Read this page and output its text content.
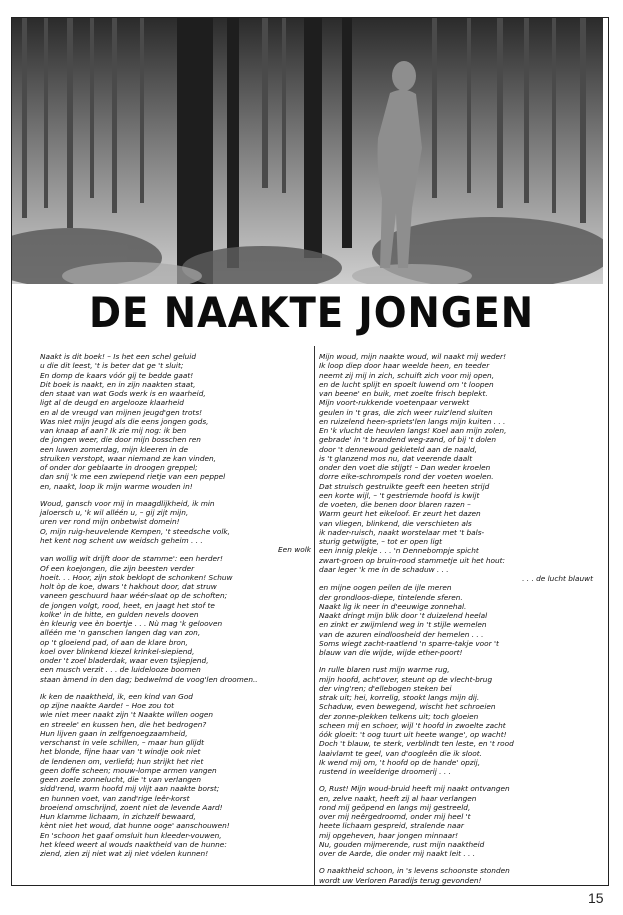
DE NAAKTE JONGEN
Naakt is dit boek! – Is het een schel geluid
u die dit leest, 't is beter dat ge 't sluit;
En domp de kaars vóór gij te bedde gaat!
Dit boek is naakt, en in zijn naakten staat,
den staat van wat Gods werk is en waarheid,
ligt al de deugd en argelooze klaarheid
en al de vreugd van mijnen jeugd'gen trots!
Was niet mijn jeugd als die eens jongen gods,
van knaap af aan? Ik zie mij nog: ik ben
de jongen weer, die door mijn bosschen ren
een luwen zomerdag, mijn kleeren in de
struiken verstopt, waar niemand ze kan vinden,
of onder dor geblaarte in droogen greppel;
dan snij 'k me een zwiepend rietje van een peppel
en, naakt, loop ik mijn warme wouden in!
Woud, gansch voor mij in maagdlijkheid, ik min
jaloersch u, 'k wil alléén u, – gij zijt mijn,
uren ver rond mijn onbetwist domein!
O, mijn ruig-heuvelende Kempen, 't steedsche volk,
het kent nog schent uw weidsch geheim . . .
Een wolk
van wollig wit drijft door de stamme': een herder!
Of een koejongen, die zijn beesten verder
hoeit. . . Hoor, zijn stok beklopt de schonken! Schuw
holt òp de koe, dwars 't hakhout door, dat struw
vaneen geschuurd haar wéér-slaat op de schoften;
de jongen volgt, rood, heet, en jaagt het stof te
kolke' in de hitte, en gulden nevels dooven
èn kleurig vee èn boertje . . . Nù mag 'k gelooven
alléén me 'n ganschen langen dag van zon,
op 't gloeiend pad, of aan de klare bron,
koel over blinkend kiezel krinkel-siepiend,
onder 't zoel bladerdak, waar even tsjiepjend,
een musch verzit . . . de luidelooze boomen
staan àmend in den dag; bedwelmd de voog'len droomen..
Ik ken de naaktheid, ik, een kind van God
op zijne naakte Aarde! – Hoe zou tot
wie niet meer naakt zijn 't Naakte willen oogen
en streele' en kussen hen, die het bedrogen?
Hun lijven gaan in zelfgenoegzaamheid,
verschanst in vele schillen, – maar hun glijdt
het blonde, fijne haar van 't windje ook niet
de lendenen om, verliefd; hun strijkt het riet
geen doffe scheen; mouw-lompe armen vangen
geen zoele zonnelucht, die 't van verlangen
sidd'rend, warm hoofd mij vlijt aan naakte borst;
en hunnen voet, van zand'rige leêr-korst
broeiend omschrijnd, zoent niet de levende Aard!
Hun klamme lichaam, in zichzelf bewaard,
kènt niet het woud, dat hunne ooge' aanschouwen!
En 'schoon het gaaf omsluit hun kleeder-vouwen,
het kleed weert al wouds naaktheid van de hunne:
ziend, zien zij niet wat zij niet vóelen kunnen!
Mijn woud, mijn naakte woud, wil naakt mij weder!
Ik loop diep door haar weelde heen, en teeder
neemt zij mij in zich, schuift zich voor mij open,
en de lucht splijt en spoelt luwend om 't loopen
van beene' en buik, met zoelte frisch beplekt.
Mijn voort-rukkende voetenpaar verwekt
geulen in 't gras, die zich weer ruiz'lend sluiten
en ruizelend heen-spriets'len langs mijn kuiten . . .
En 'k vlucht de heuvlen langs! Koel aan mijn zolen,
gebrade' in 't brandend weg-zand, of bij 't dolen
door 't dennewoud gekieteld aan de naald,
is 't glanzend mos nu, dat veerende daalt
onder den voet die stijgt! – Dan weder kroelen
dorre eike-schrompels rond der voeten woelen.
Dat struisch gestruikte geeft een heeten strijd
een korte wijl, – 't gestriemde hoofd is kwijt
de voeten, die benen door blaren razen –
Warm geurt het eikeloof. Er zeurt het dazen
van vliegen, blinkend, die verschieten als
ik nader-ruisch, naakt worstelaar met 't bals-
sturig getwijgte, – tot er open ligt
een innig plekje . . . 'n Dennebompje spicht
zwart-groen op bruin-rood stammetje uit het hout:
daar leger 'k me in de schaduw . . .
. . . de lucht blauwt
en mijne oogen peilen de ijle meren
der grondloos-diepe, tintelende sferen.
Naakt lig ik neer in d'eeuwige zonnehal.
Naakt dringt mijn blik door 't duizelend heelal
en zinkt er zwijmlend weg in 't stijle wemelen
van de azuren eindloosheid der hemelen . . .
Soms wiegt zacht-raatlend 'n sparre-takje voor 't
blauw van die wijde, wijde ether-poort!
In rulle blaren rust mijn warme rug,
mijn hoofd, acht'over, steunt op de vlecht-brug
der ving'ren; d'ellebogen steken bei
strak uit; hei, korrelig, stookt langs mijn dij.
Schaduw, even bewegend, wischt het schroeien
der zonne-plekken telkens uit; toch gloeien
scheen mij en schoer, wijl 't hoofd in zwoelte zacht
óók gloeit: 't oog tuurt uit heete wange', op wacht!
Doch 't blauw, te sterk, verblindt ten leste, en 't rood
laaivlamt te geel, van d'oogleên die ik sloot.
Ik wend mij om, 't hoofd op de hande' opzij,
rustend in weelderige droomerij . . .
O, Rust! Mijn woud-bruid heeft mij naakt ontvangen
en, zelve naakt, heeft zij al haar verlangen
rond mij geöpend en langs mij gestreeld,
over mij neêrgedroomd, onder mij heel 't
heete lichaam gespreid, stralende naar
mij opgeheven, haar jongen minnaar!
Nu, gouden mijmerende, rust mijn naaktheid
over de Aarde, die onder mij naakt leit . . .
O naaktheid schoon, in 's levens schoonste stonden
wordt uw Verloren Paradijs terug gevonden!
15
